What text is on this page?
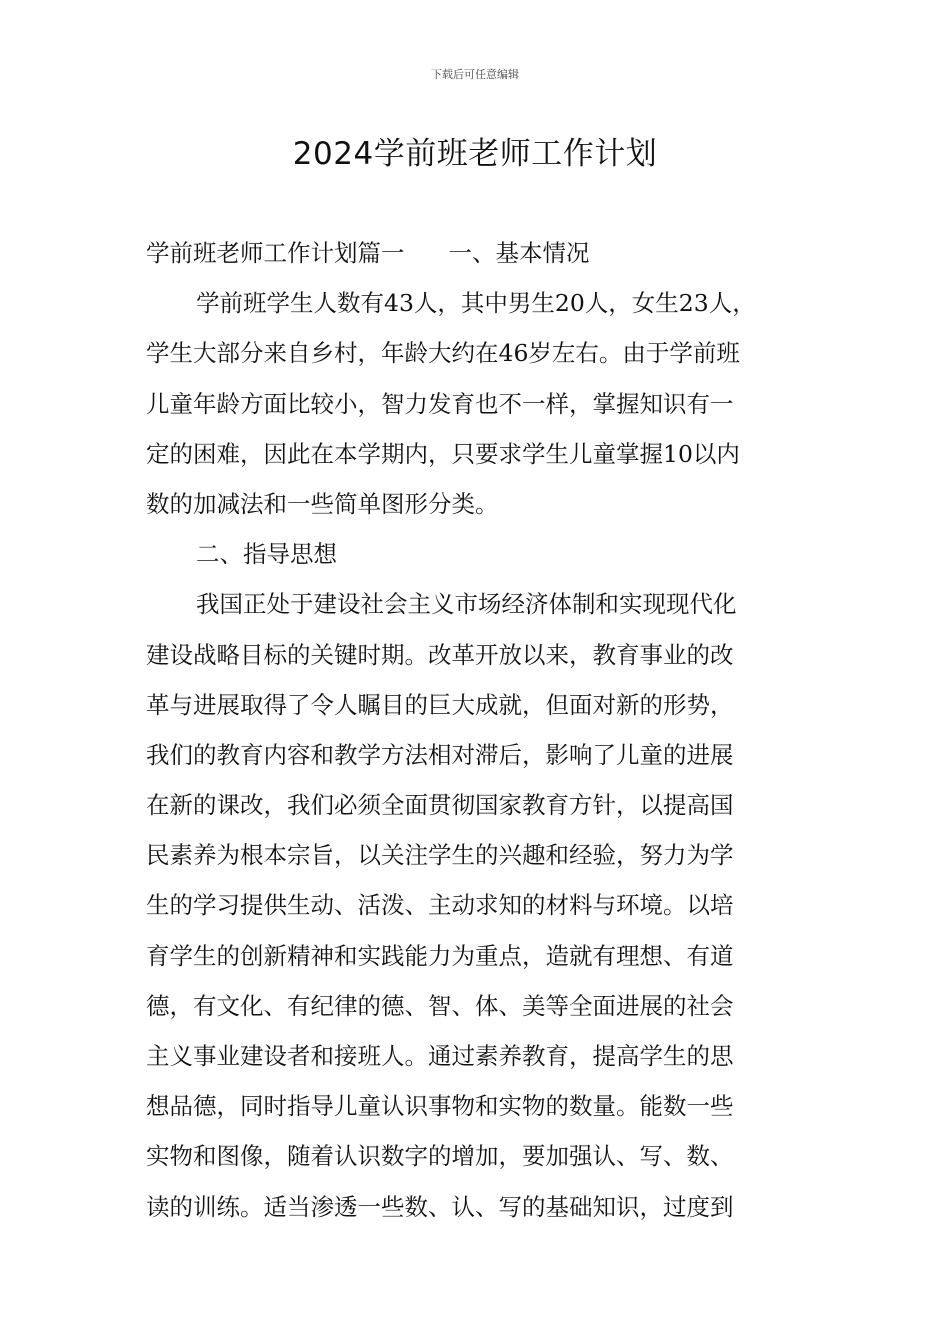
下载后可任意编辑
2024学前班老师工作计划
学前班老师工作计划篇一 一、基本情况
学前班学生人数有43人，其中男生20人，女生23人，
学生大部分来自乡村，年龄大约在46岁左右。由于学前班
儿童年龄方面比较小，智力发育也不一样，掌握知识有一
定的困难，因此在本学期内，只要求学生儿童掌握10以内
数的加减法和一些简单图形分类。
二、指导思想
我国正处于建设社会主义市场经济体制和实现现代化
建设战略目标的关键时期。改革开放以来，教育事业的改
革与进展取得了令人瞩目的巨大成就，但面对新的形势，
我们的教育内容和教学方法相对滞后，影响了儿童的进展
在新的课改，我们必须全面贯彻国家教育方针，以提高国
民素养为根本宗旨，以关注学生的兴趣和经验，努力为学
生的学习提供生动、活泼、主动求知的材料与环境。以培
育学生的创新精神和实践能力为重点，造就有理想、有道
德，有文化、有纪律的德、智、体、美等全面进展的社会
主义事业建设者和接班人。通过素养教育，提高学生的思
想品德，同时指导儿童认识事物和实物的数量。能数一些
实物和图像，随着认识数字的增加，要加强认、写、数、
读的训练。适当渗透一些数、认、写的基础知识，过度到
